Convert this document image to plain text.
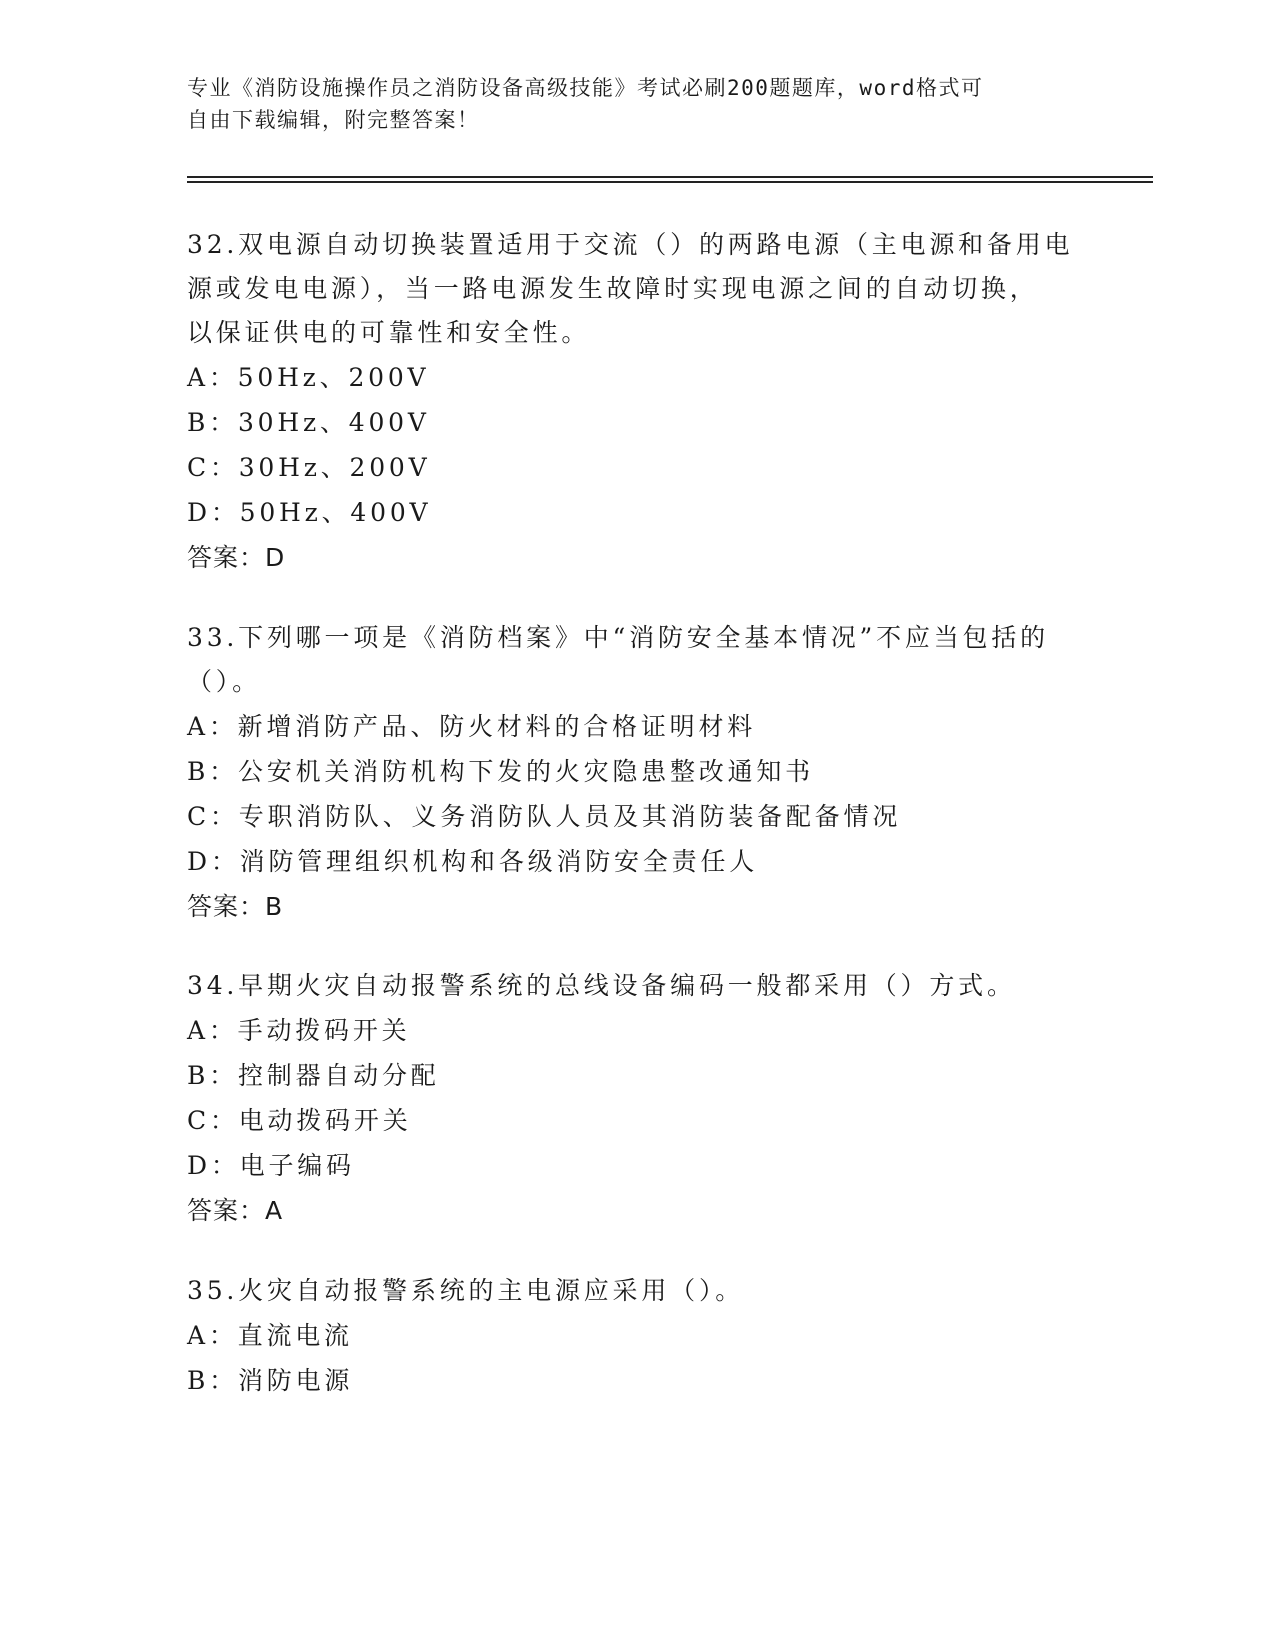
专业《消防设施操作员之消防设备高级技能》考试必刷200题题库，word格式可
自由下载编辑，附完整答案！
32.双电源自动切换装置适用于交流（）的两路电源（主电源和备用电
源或发电电源），当一路电源发生故障时实现电源之间的自动切换，
以保证供电的可靠性和安全性。
A：50Hz、200V
B：30Hz、400V
C：30Hz、200V
D：50Hz、400V
答案：D
33.下列哪一项是《消防档案》中“消防安全基本情况”不应当包括的
（）。
A：新增消防产品、防火材料的合格证明材料
B：公安机关消防机构下发的火灾隐患整改通知书
C：专职消防队、义务消防队人员及其消防装备配备情况
D：消防管理组织机构和各级消防安全责任人
答案：B
34.早期火灾自动报警系统的总线设备编码一般都采用（）方式。
A：手动拨码开关
B：控制器自动分配
C：电动拨码开关
D：电子编码
答案：A
35.火灾自动报警系统的主电源应采用（）。
A：直流电流
B：消防电源
